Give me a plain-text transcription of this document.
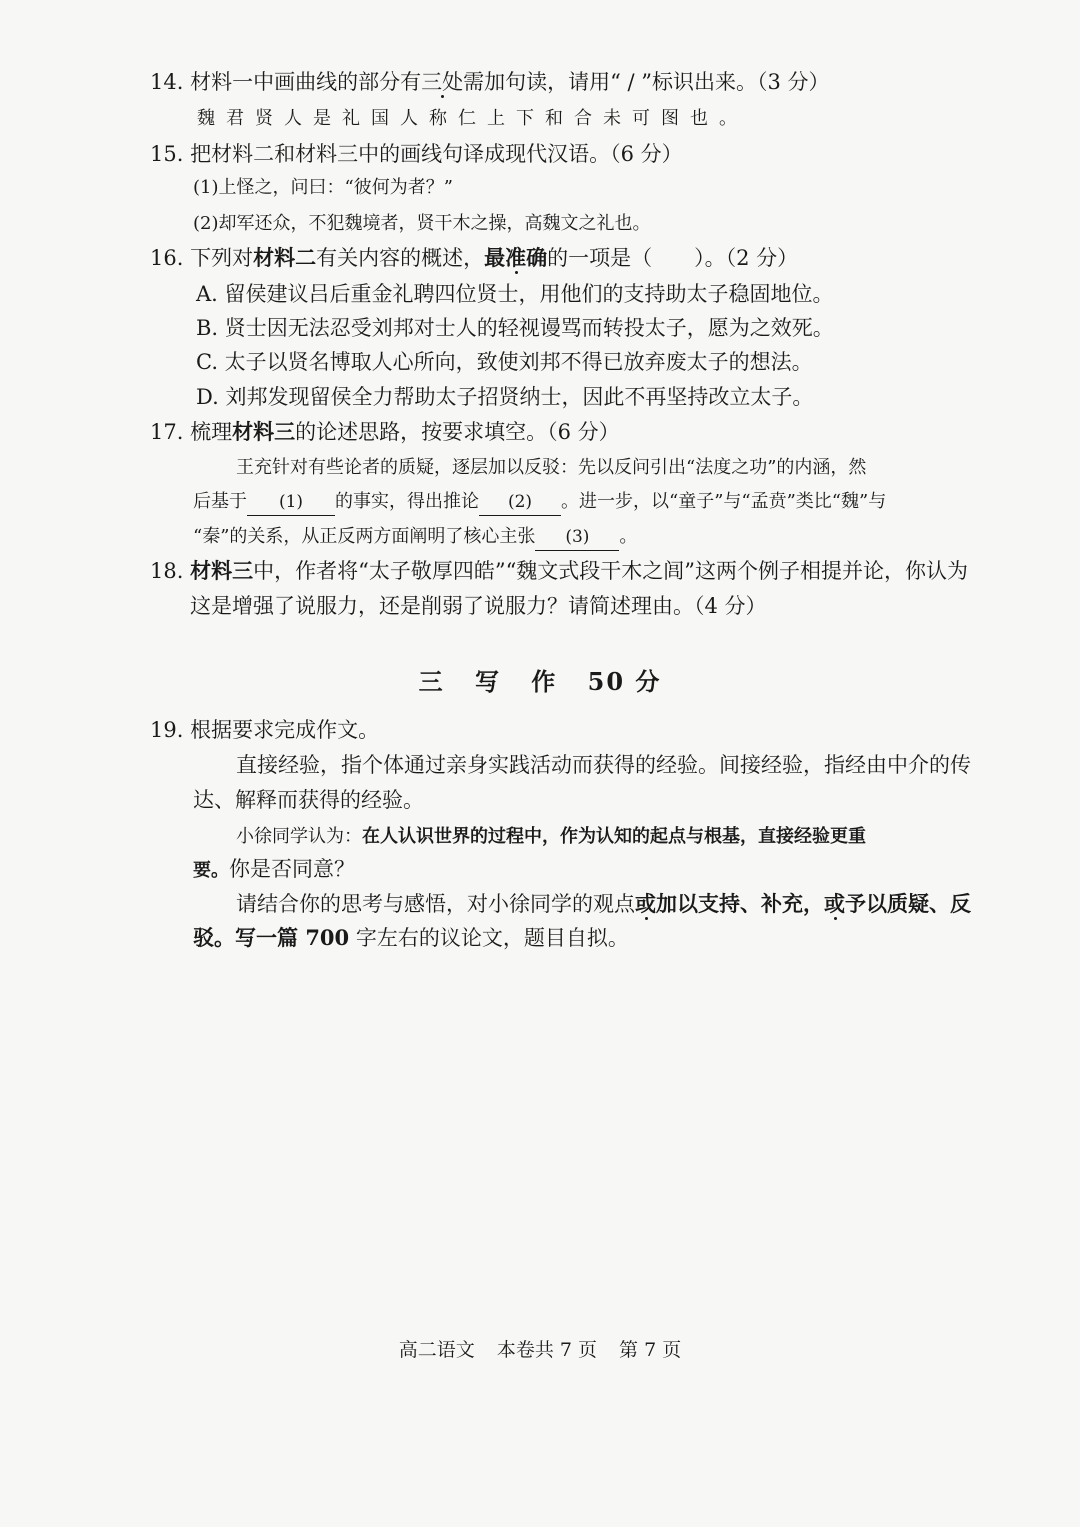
14. 材料一中画曲线的部分有三处需加句读，请用“ / ”标识出来。（3 分）
魏君贤人是礼国人称仁上下和合未可图也。
15. 把材料二和材料三中的画线句译成现代汉语。（6 分）
(1)上怪之，问曰：“彼何为者？”
(2)却军还众，不犯魏境者，贤干木之操，高魏文之礼也。
16. 下列对材料二有关内容的概述，最准确的一项是（　　）。（2 分）
A. 留侯建议吕后重金礼聘四位贤士，用他们的支持助太子稳固地位。
B. 贤士因无法忍受刘邦对士人的轻视谩骂而转投太子，愿为之效死。
C. 太子以贤名博取人心所向，致使刘邦不得已放弃废太子的想法。
D. 刘邦发现留侯全力帮助太子招贤纳士，因此不再坚持改立太子。
17. 梳理材料三的论述思路，按要求填空。（6 分）
王充针对有些论者的质疑，逐层加以反驳：先以反问引出“法度之功”的内涵，然
后基于 (1) 的事实，得出推论 (2) 。进一步，以“童子”与“孟贲”类比“魏”与
“秦”的关系，从正反两方面阐明了核心主张 (3) 。
18. 材料三中，作者将“太子敬厚四皓”“魏文式段干木之闾”这两个例子相提并论，你认为
这是增强了说服力，还是削弱了说服力？请简述理由。（4 分）
三 写 作 50 分
19. 根据要求完成作文。
直接经验，指个体通过亲身实践活动而获得的经验。间接经验，指经由中介的传
达、解释而获得的经验。
小徐同学认为：在人认识世界的过程中，作为认知的起点与根基，直接经验更重
要。你是否同意？
请结合你的思考与感悟，对小徐同学的观点或加以支持、补充，或予以质疑、反
驳。写一篇 700 字左右的议论文，题目自拟。
高二语文 本卷共 7 页 第 7 页
